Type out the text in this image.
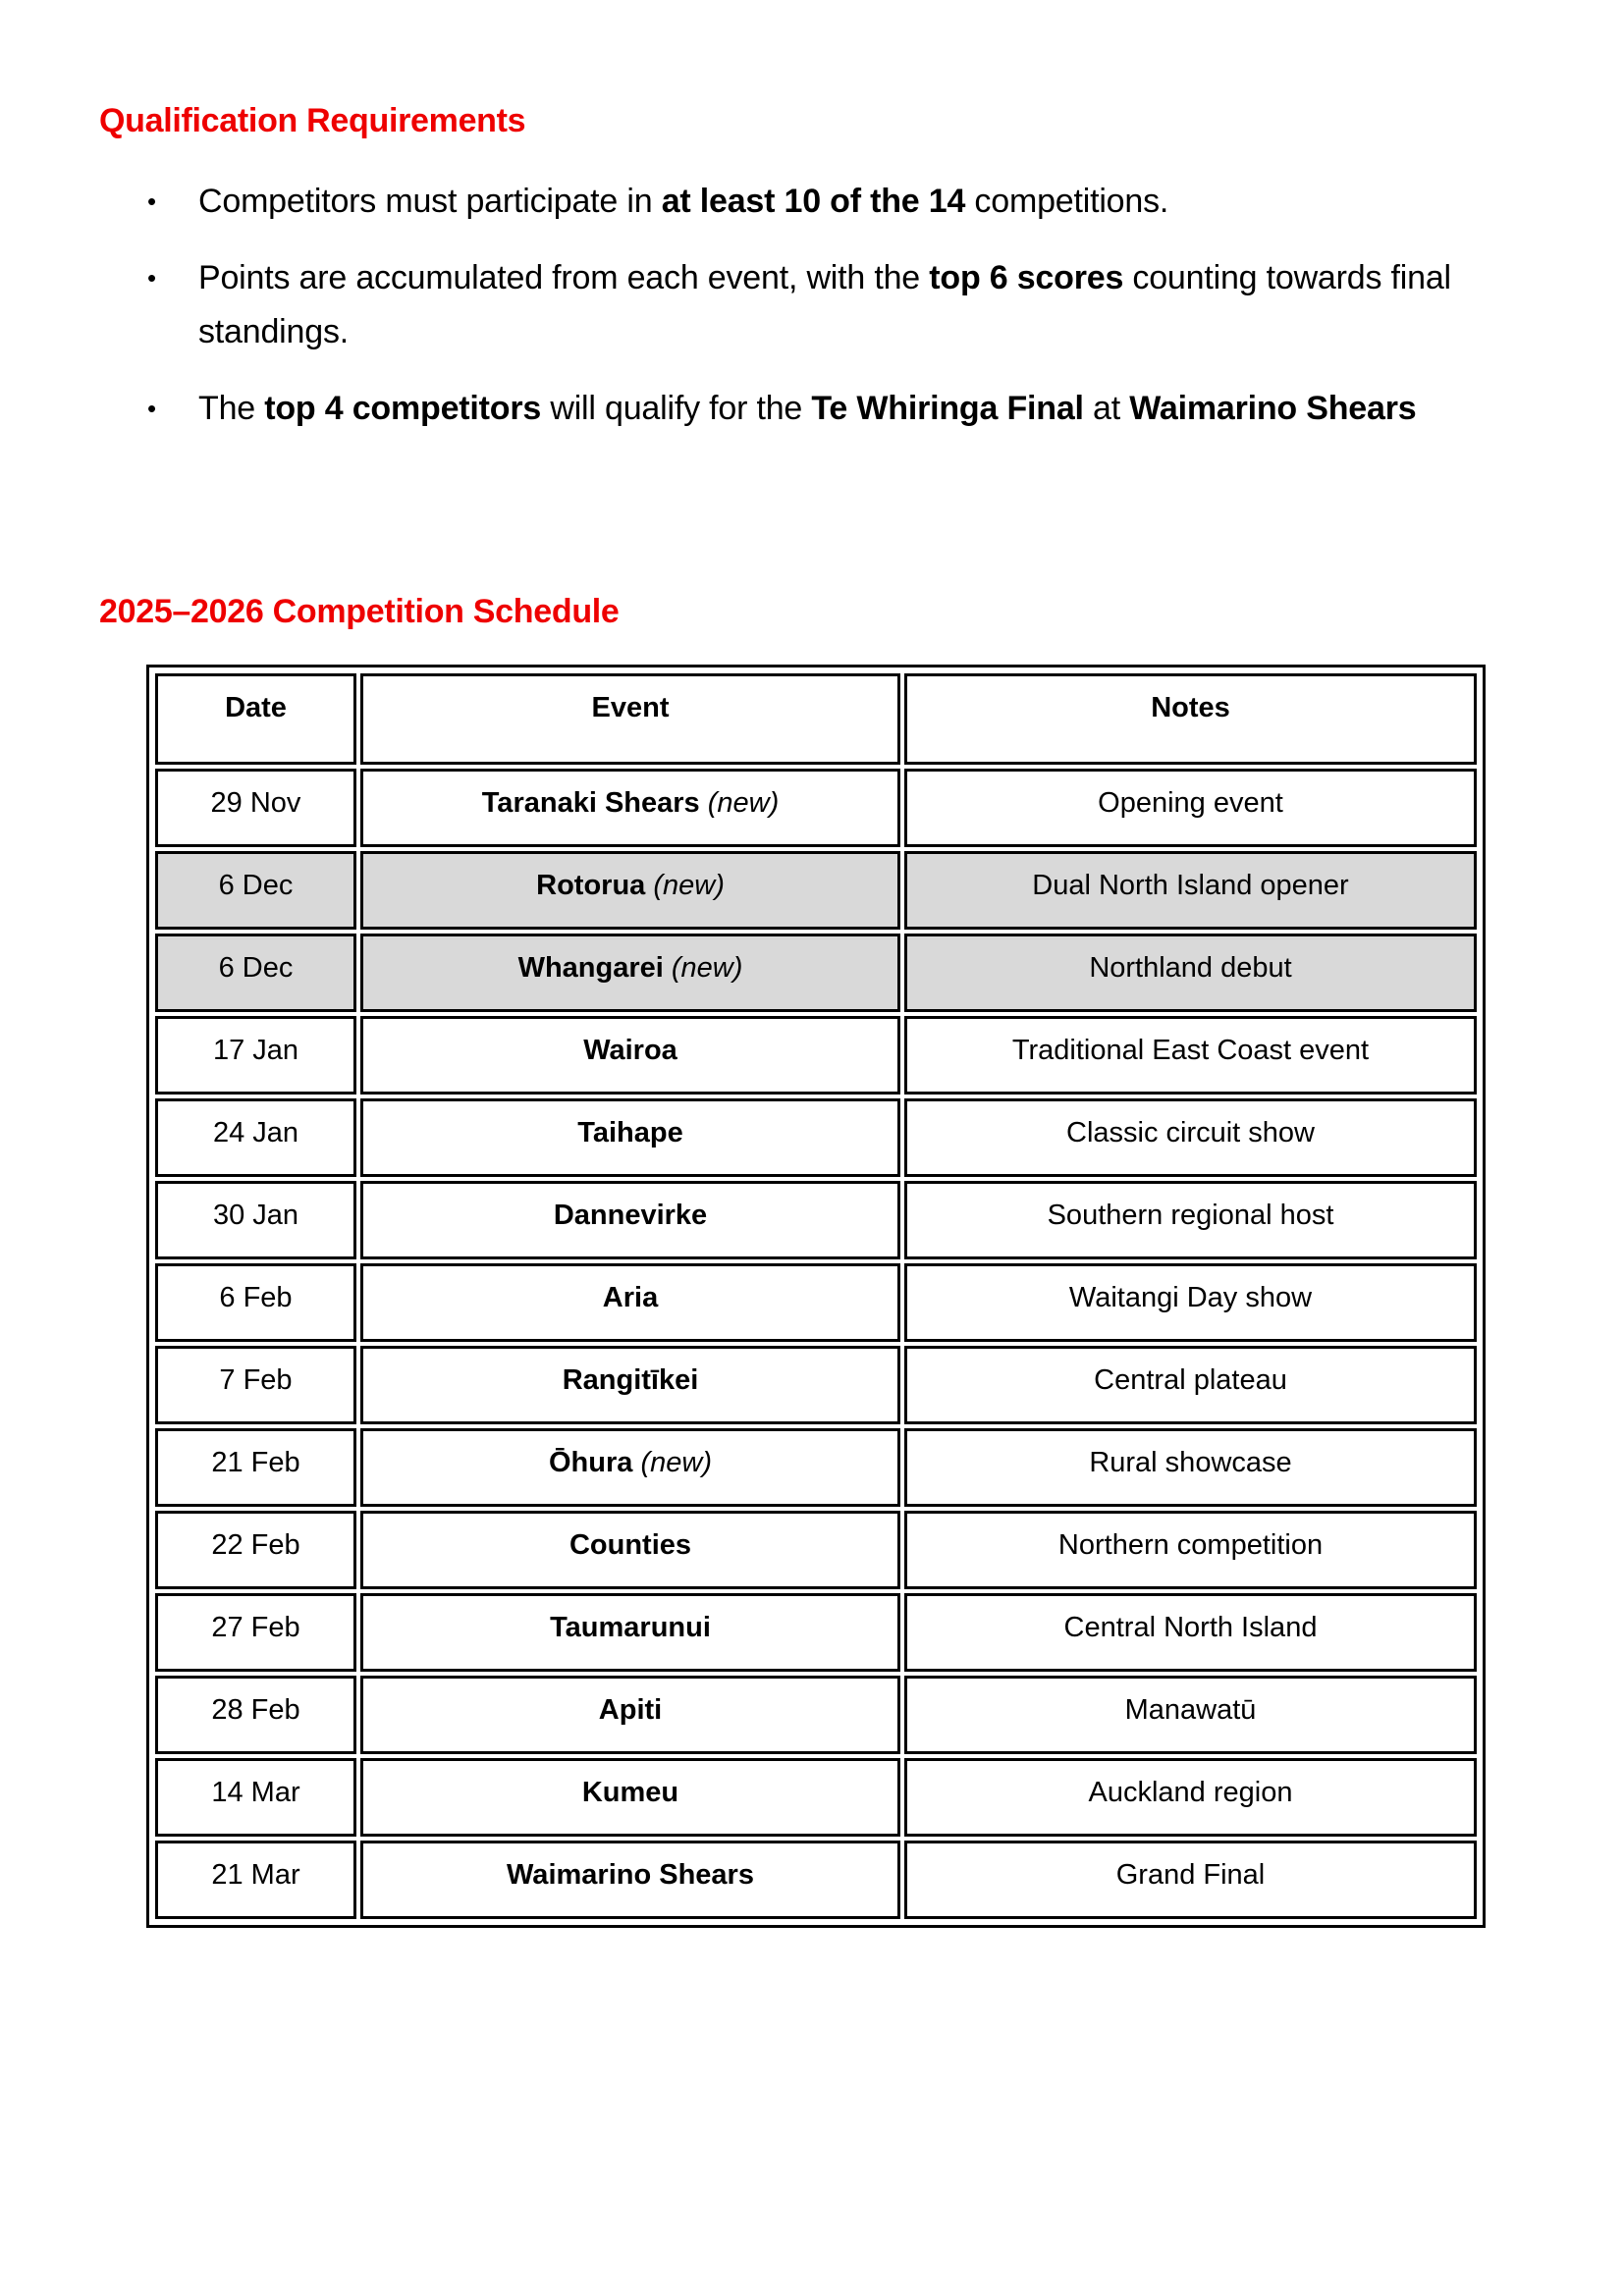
Qualification Requirements
• Competitors must participate in at least 10 of the 14 competitions.
• Points are accumulated from each event, with the top 6 scores counting towards final standings.
• The top 4 competitors will qualify for the Te Whiringa Final at Waimarino Shears
2025–2026 Competition Schedule
Date	Event	Notes
29 Nov	Taranaki Shears (new)	Opening event
6 Dec	Rotorua (new)	Dual North Island opener
6 Dec	Whangarei (new)	Northland debut
17 Jan	Wairoa	Traditional East Coast event
24 Jan	Taihape	Classic circuit show
30 Jan	Dannevirke	Southern regional host
6 Feb	Aria	Waitangi Day show
7 Feb	Rangitīkei	Central plateau
21 Feb	Ōhura (new)	Rural showcase
22 Feb	Counties	Northern competition
27 Feb	Taumarunui	Central North Island
28 Feb	Apiti	Manawatū
14 Mar	Kumeu	Auckland region
21 Mar	Waimarino Shears	Grand Final
